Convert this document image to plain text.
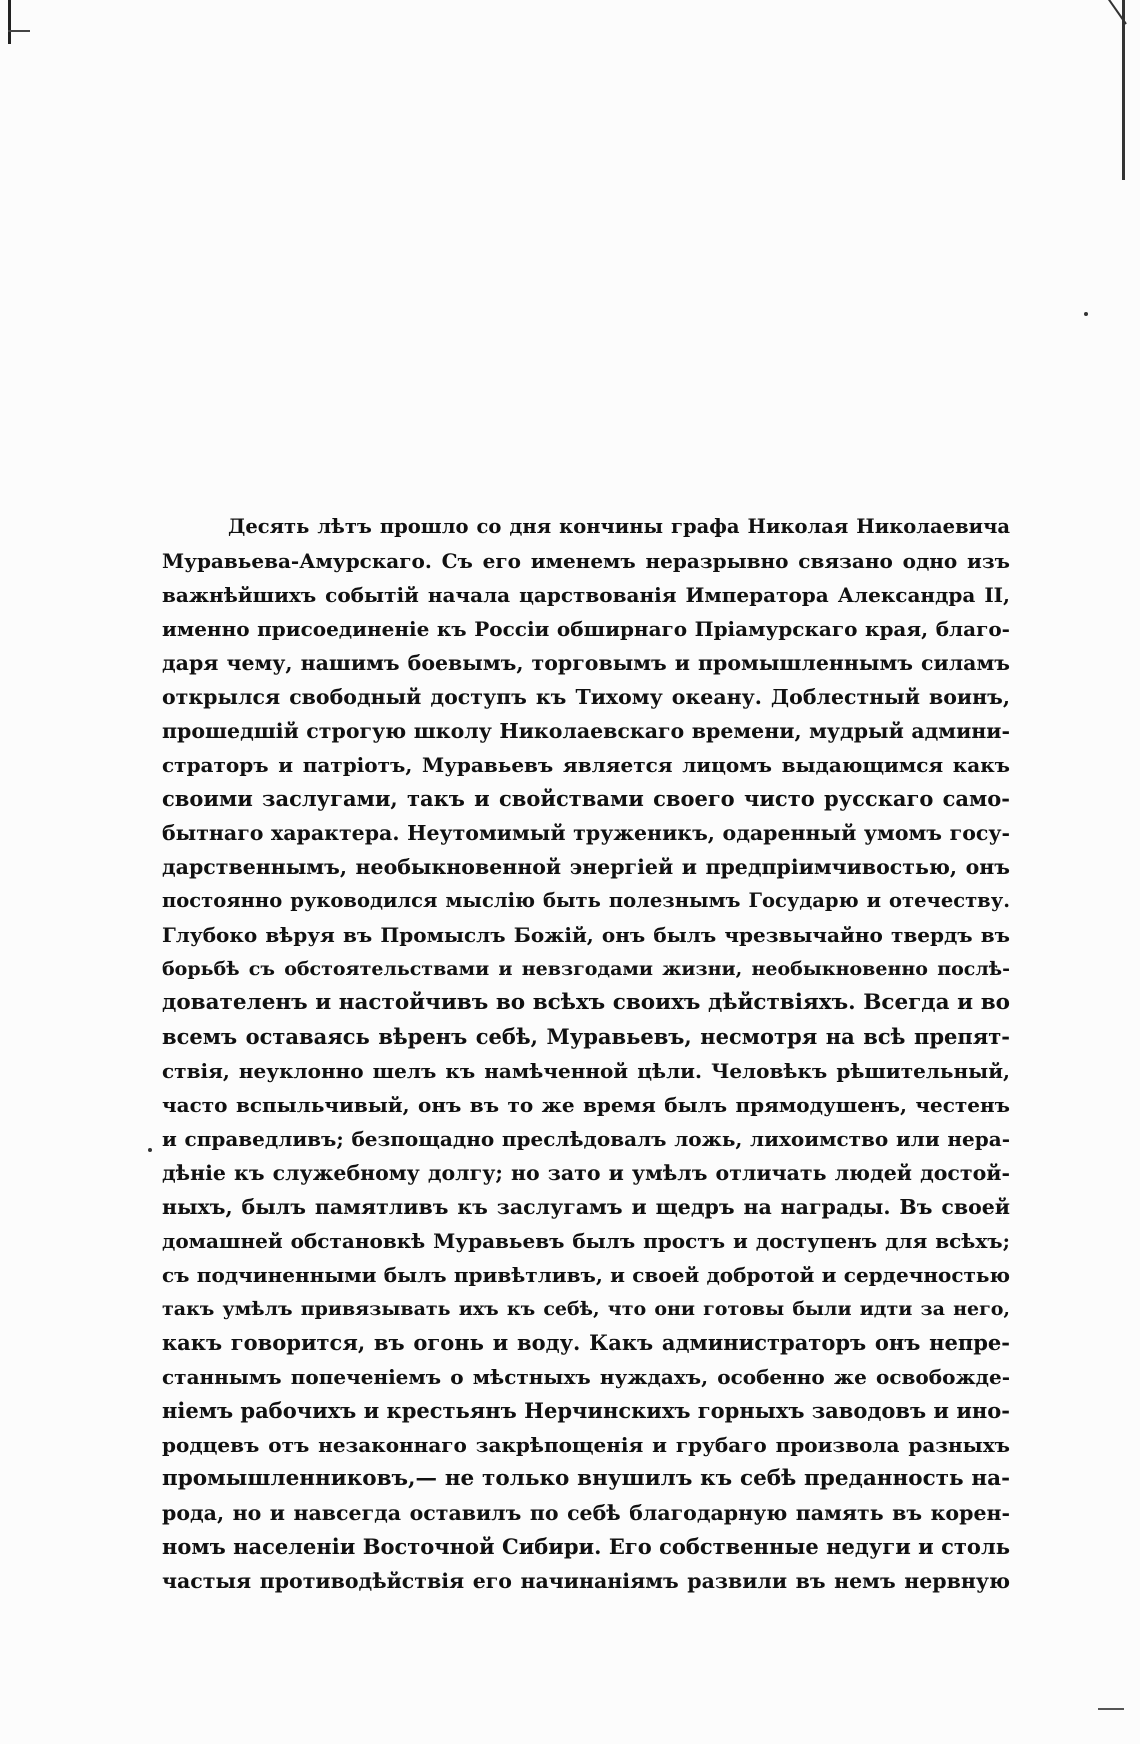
Десять лѣтъ прошло со дня кончины графа Николая Николаевича
Муравьева-Амурскаго. Съ его именемъ неразрывно связано одно изъ
важнѣйшихъ событій начала царствованія Императора Александра II,
именно присоединеніе къ Россіи обширнаго Пріамурскаго края, благо-
даря чему, нашимъ боевымъ, торговымъ и промышленнымъ силамъ
открылся свободный доступъ къ Тихому океану. Доблестный воинъ,
прошедшій строгую школу Николаевскаго времени, мудрый админи-
страторъ и патріотъ, Муравьевъ является лицомъ выдающимся какъ
своими заслугами, такъ и свойствами своего чисто русскаго само-
бытнаго характера. Неутомимый труженикъ, одаренный умомъ госу-
дарственнымъ, необыкновенной энергіей и предпріимчивостью, онъ
постоянно руководился мыслію быть полезнымъ Государю и отечеству.
Глубоко вѣруя въ Промыслъ Божій, онъ былъ чрезвычайно твердъ въ
борьбѣ съ обстоятельствами и невзгодами жизни, необыкновенно послѣ-
дователенъ и настойчивъ во всѣхъ своихъ дѣйствіяхъ. Всегда и во
всемъ оставаясь вѣренъ себѣ, Муравьевъ, несмотря на всѣ препят-
ствія, неуклонно шелъ къ намѣченной цѣли. Человѣкъ рѣшительный,
часто вспыльчивый, онъ въ то же время былъ прямодушенъ, честенъ
и справедливъ; безпощадно преслѣдовалъ ложь, лихоимство или нера-
дѣніе къ служебному долгу; но зато и умѣлъ отличать людей достой-
ныхъ, былъ памятливъ къ заслугамъ и щедръ на награды. Въ своей
домашней обстановкѣ Муравьевъ былъ простъ и доступенъ для всѣхъ;
съ подчиненными былъ привѣтливъ, и своей добротой и сердечностью
такъ умѣлъ привязывать ихъ къ себѣ, что они готовы были идти за него,
какъ говорится, въ огонь и воду. Какъ администраторъ онъ непре-
станнымъ попеченіемъ о мѣстныхъ нуждахъ, особенно же освобожде-
ніемъ рабочихъ и крестьянъ Нерчинскихъ горныхъ заводовъ и ино-
родцевъ отъ незаконнаго закрѣпощенія и грубаго произвола разныхъ
промышленниковъ,— не только внушилъ къ себѣ преданность на-
рода, но и навсегда оставилъ по себѣ благодарную память въ корен-
номъ населеніи Восточной Сибири. Его собственные недуги и столь
частыя противодѣйствія его начинаніямъ развили въ немъ нервную
